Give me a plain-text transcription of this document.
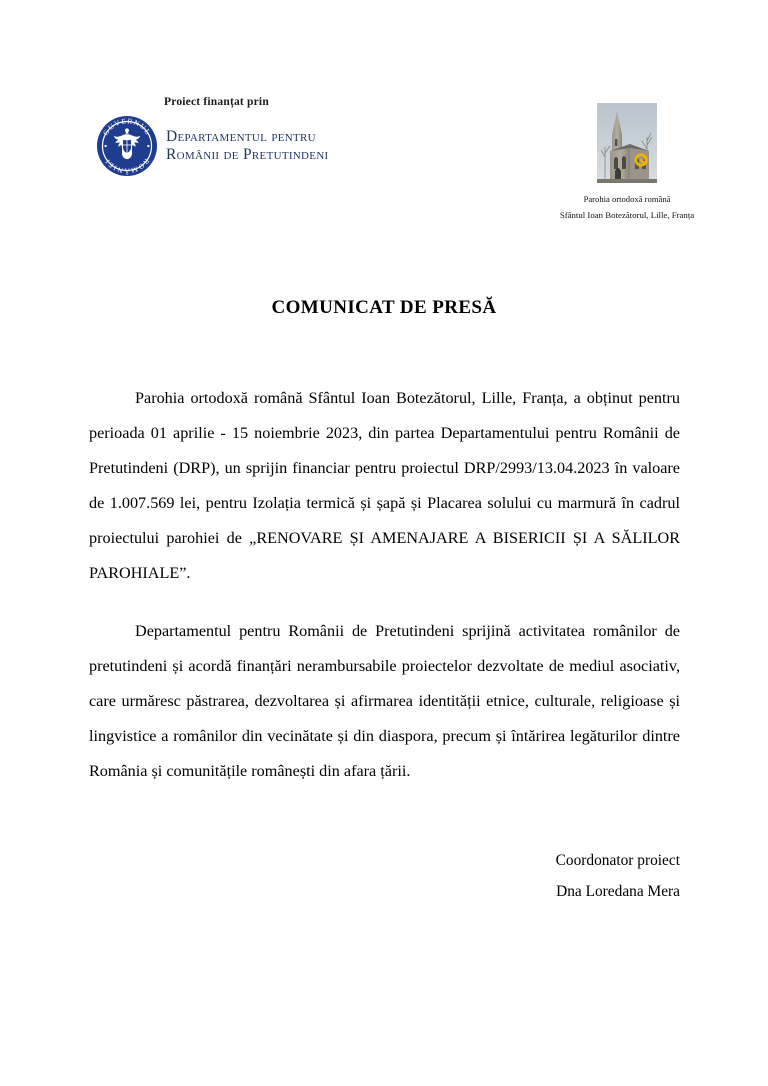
Proiect finanțat prin
GUVERNUL
ROMÂNIEI
Departamentul pentru
Românii de Pretutindeni
Parohia ortodoxă română
Sfântul Ioan Botezătorul, Lille, Franța
COMUNICAT DE PRESĂ

Parohia ortodoxă română Sfântul Ioan Botezătorul, Lille, Franța, a obținut pentru perioada 01 aprilie - 15 noiembrie 2023, din partea Departamentului pentru Românii de Pretutindeni (DRP), un sprijin financiar pentru proiectul DRP/2993/13.04.2023 în valoare de 1.007.569 lei, pentru Izolația termică și șapă și Placarea solului cu marmură în cadrul proiectului parohiei de „RENOVARE ȘI AMENAJARE A BISERICII ȘI A SĂLILOR PAROHIALE”.

Departamentul pentru Românii de Pretutindeni sprijină activitatea românilor de pretutindeni și acordă finanțări nerambursabile proiectelor dezvoltate de mediul asociativ, care urmăresc păstrarea, dezvoltarea și afirmarea identității etnice, culturale, religioase și lingvistice a românilor din vecinătate și din diaspora, precum și întărirea legăturilor dintre România și comunitățile românești din afara țării.

Coordonator proiect
Dna Loredana Mera
